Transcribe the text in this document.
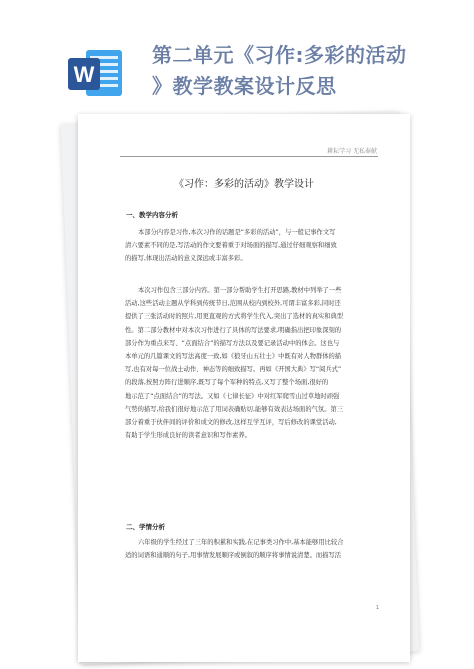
W
第二单元《习作:多彩的活动
》教学教案设计反思
耕耘学习 无私奉献
《习作：多彩的活动》教学设计
一、教学内容分析
本部分内容是习作,本次习作的话题是“多彩的活动”，与一般记事作文写
清六要素不同的是,写活动的作文要着重于对场面的描写,通过仔细观察和细致
的描写,体现出活动的意义深远或丰富多彩。
本次习作包含三部分内容。第一部分帮助学生打开思路,教材中列举了一些
活动,这些活动主题从学科到传统节日,范围从校内到校外,可谓丰富多彩,同时还
提供了三张活动时的照片,用更直观的方式将学生代入,突出了选材的真实和典型
性。第二部分教材中对本次习作进行了具体的写法要求,明确指出把印象深刻的
部分作为重点来写、“点面结合”的描写方法以及要记录活动中的体会。这也与
本单元的几篇课文的写法高度一致,如《狼牙山五壮士》中既有对人物群体的描
写,也有对每一位战士动作、神态等的细致描写。再如《开国大典》写“阅兵式”
的段落,按照方阵行进顺序,既写了每个军种的特点,又写了整个场面,很好的
地示范了“点面结合”的写法。又如《七律长征》中对红军爬雪山过草地时顽强
气势的描写,给我们很好地示范了用词表确贴切,能够有效表达场面的气氛。第三
部分着重于伙伴间的评价和成文的修改,这样互学互评，写后修改的课堂活动,
有助于学生形成良好的读者意识和写作素养。
二、学情分析
六年级的学生经过了三年的积累和实践,在记事类习作中,基本能够用比较合
适的词语和通顺的句子,用事情发展顺序或倒叙的顺序将事情说清楚。而描写活
1
